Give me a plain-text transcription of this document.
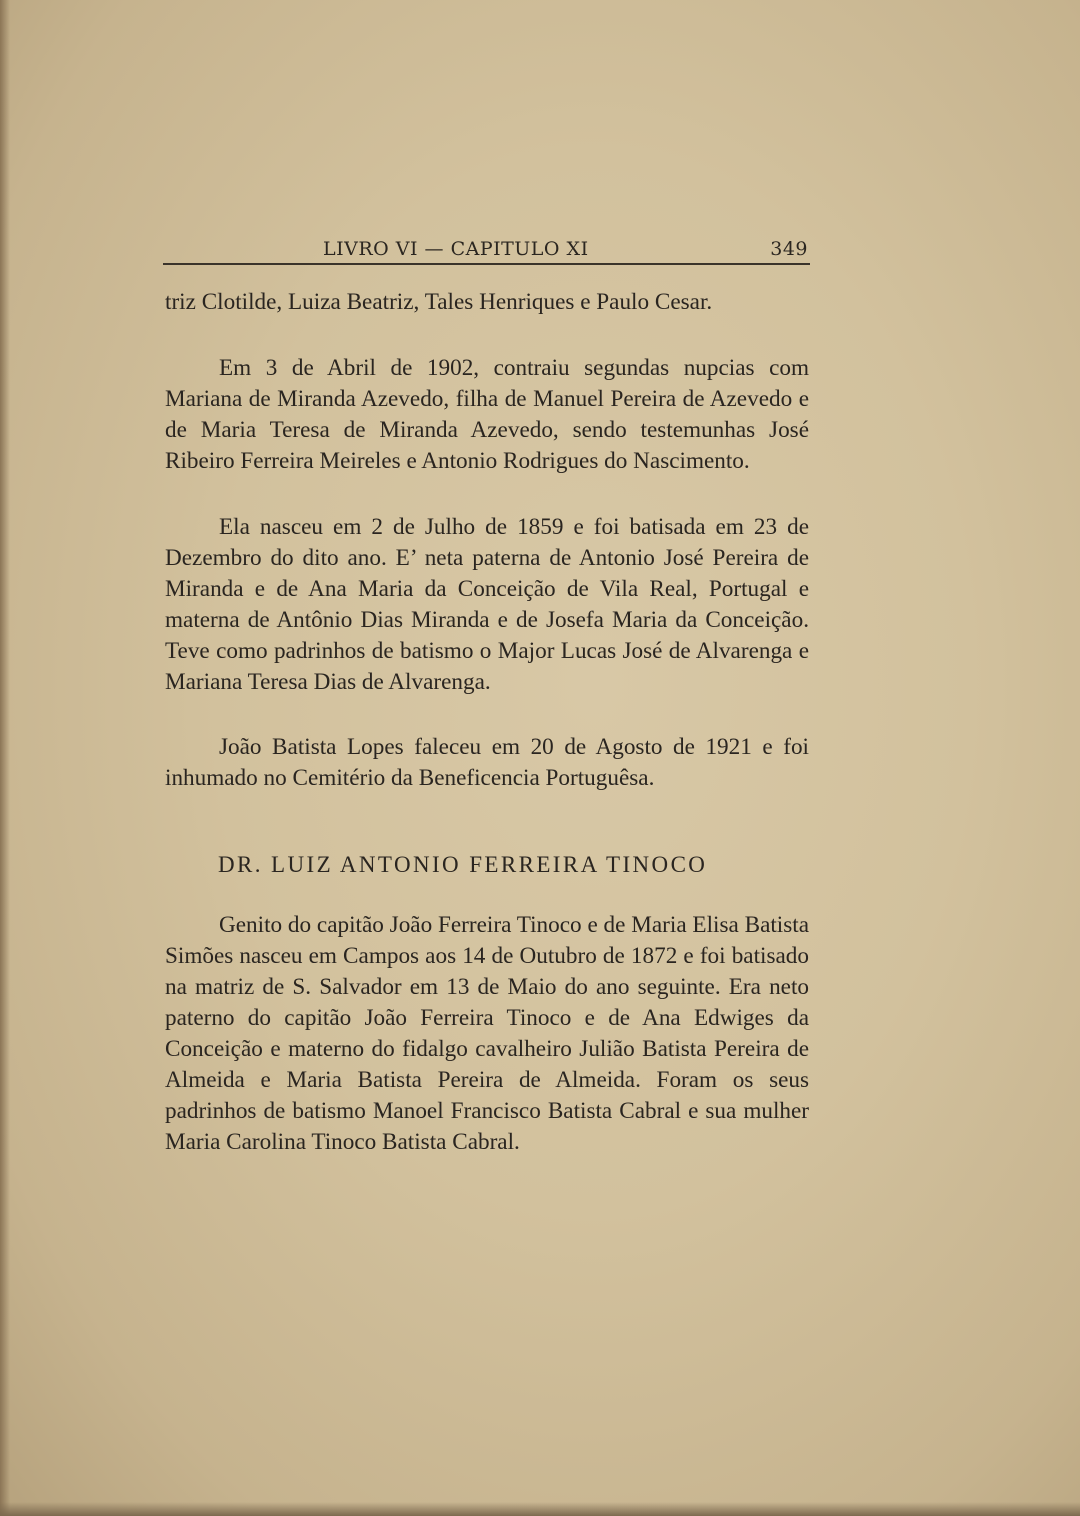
LIVRO VI — CAPITULO XI	349

triz Clotilde, Luiza Beatriz, Tales Henriques e Paulo Cesar.

Em 3 de Abril de 1902, contraiu segundas nupcias com Mariana de Miranda Azevedo, filha de Manuel Pereira de Azevedo e de Maria Teresa de Miranda Azevedo, sendo testemunhas José Ribeiro Ferreira Meireles e Antonio Rodrigues do Nascimento.

Ela nasceu em 2 de Julho de 1859 e foi batisada em 23 de Dezembro do dito ano. E’ neta paterna de Antonio José Pereira de Miranda e de Ana Maria da Conceição de Vila Real, Portugal e materna de Antônio Dias Miranda e de Josefa Maria da Conceição. Teve como padrinhos de batismo o Major Lucas José de Alvarenga e Mariana Teresa Dias de Alvarenga.

João Batista Lopes faleceu em 20 de Agosto de 1921 e foi inhumado no Cemitério da Beneficencia Portuguêsa.

DR. LUIZ ANTONIO FERREIRA TINOCO

Genito do capitão João Ferreira Tinoco e de Maria Elisa Batista Simões nasceu em Campos aos 14 de Outubro de 1872 e foi batisado na matriz de S. Salvador em 13 de Maio do ano seguinte. Era neto paterno do capitão João Ferreira Tinoco e de Ana Edwiges da Conceição e materno do fidalgo cavalheiro Julião Batista Pereira de Almeida e Maria Batista Pereira de Almeida. Foram os seus padrinhos de batismo Manoel Francisco Batista Cabral e sua mulher Maria Carolina Tinoco Batista Cabral.
